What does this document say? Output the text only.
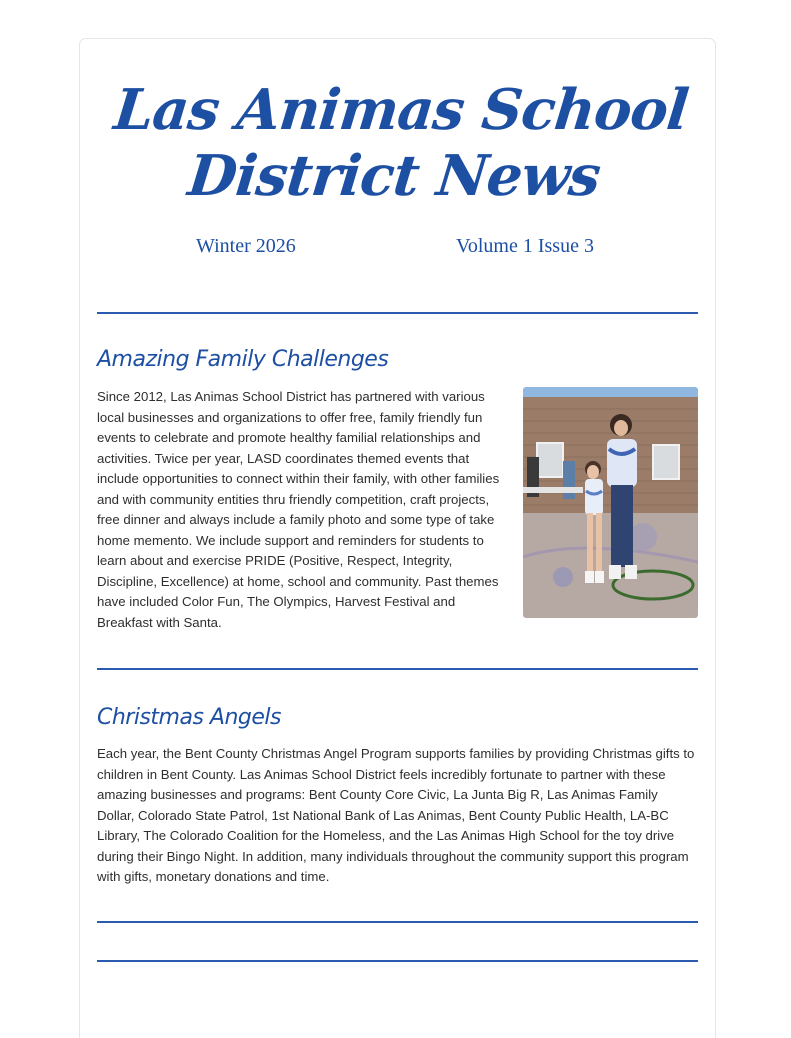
Las Animas School
District News
Winter 2026	Volume 1 Issue 3
Amazing Family Challenges
Since 2012, Las Animas School District has partnered with various local businesses and organizations to offer free, family friendly fun events to celebrate and promote healthy familial relationships and activities. Twice per year, LASD coordinates themed events that include opportunities to connect within their family, with other families and with community entities thru friendly competition, craft projects, free dinner and always include a family photo and some type of take home memento. We include support and reminders for students to learn about and exercise PRIDE (Positive, Respect, Integrity, Discipline, Excellence) at home, school and community. Past themes have included Color Fun, The Olympics, Harvest Festival and Breakfast with Santa.
Christmas Angels
Each year, the Bent County Christmas Angel Program supports families by providing Christmas gifts to children in Bent County. Las Animas School District feels incredibly fortunate to partner with these amazing businesses and programs: Bent County Core Civic, La Junta Big R, Las Animas Family Dollar, Colorado State Patrol, 1st National Bank of Las Animas, Bent County Public Health, LA-BC Library, The Colorado Coalition for the Homeless, and the Las Animas High School for the toy drive during their Bingo Night. In addition, many individuals throughout the community support this program with gifts, monetary donations and time.
